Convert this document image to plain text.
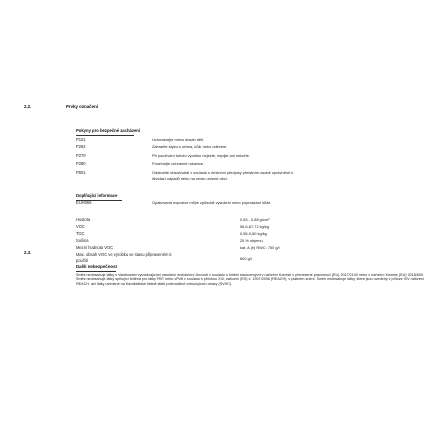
2.2.	Prvky označení
Pokyny pro bezpečné zacházení
P101	Uchovávejte mimo dosah dětí.
P262	Zabraňte styku s očima, kůží nebo oděvem.
P270	Při používání tohoto výrobku nejezte, nepijte ani nekuřte.
P280	Používejte ochranné rukavice.
P501	Odstraňte obsah/obal v souladu s místními předpisy předáním osobě oprávněné k
likvidaci odpadů nebo na místo určené obcí.
Doplňující informace
EUH066	Opakovaná expozice může způsobit vysušení nebo popraskání kůže.
Hustota	0,83 - 0,88 g/cm³
VOC	56,6-67,72 kg/kg
TOC	0,55-0,60 kg/kg
Sušina	25 % objemu
Mezní hodnota VOC	kat. A (h) RWC: 750 g/l
Max. obsah VOC ve výrobku ve stavu připraveném k
použití	600 g/l
2.3.
Další nebezpečnost
Směs neobsahuje látky s vlastnostmi vyvolávajícími narušení endokrinní činnosti v souladu s kritérii stanovenými v nařízení Komise v přenesené pravomoci (EU) 2017/2100 nebo v nařízení Komise (EU) 2018/605. Směs neobsahuje látky splňující kritéria pro látky PBT nebo vPvB v souladu s přílohou XIII, nařízení (ES) č. 1907/2006 (REACH), v platném znění. Směs neobsahuje látky, které jsou uvedeny v příloze XIV nařízení REACH, ani látky uvedené na Kandidátské listině látek potenciálně vzbuzujících obavy (SVHC).
